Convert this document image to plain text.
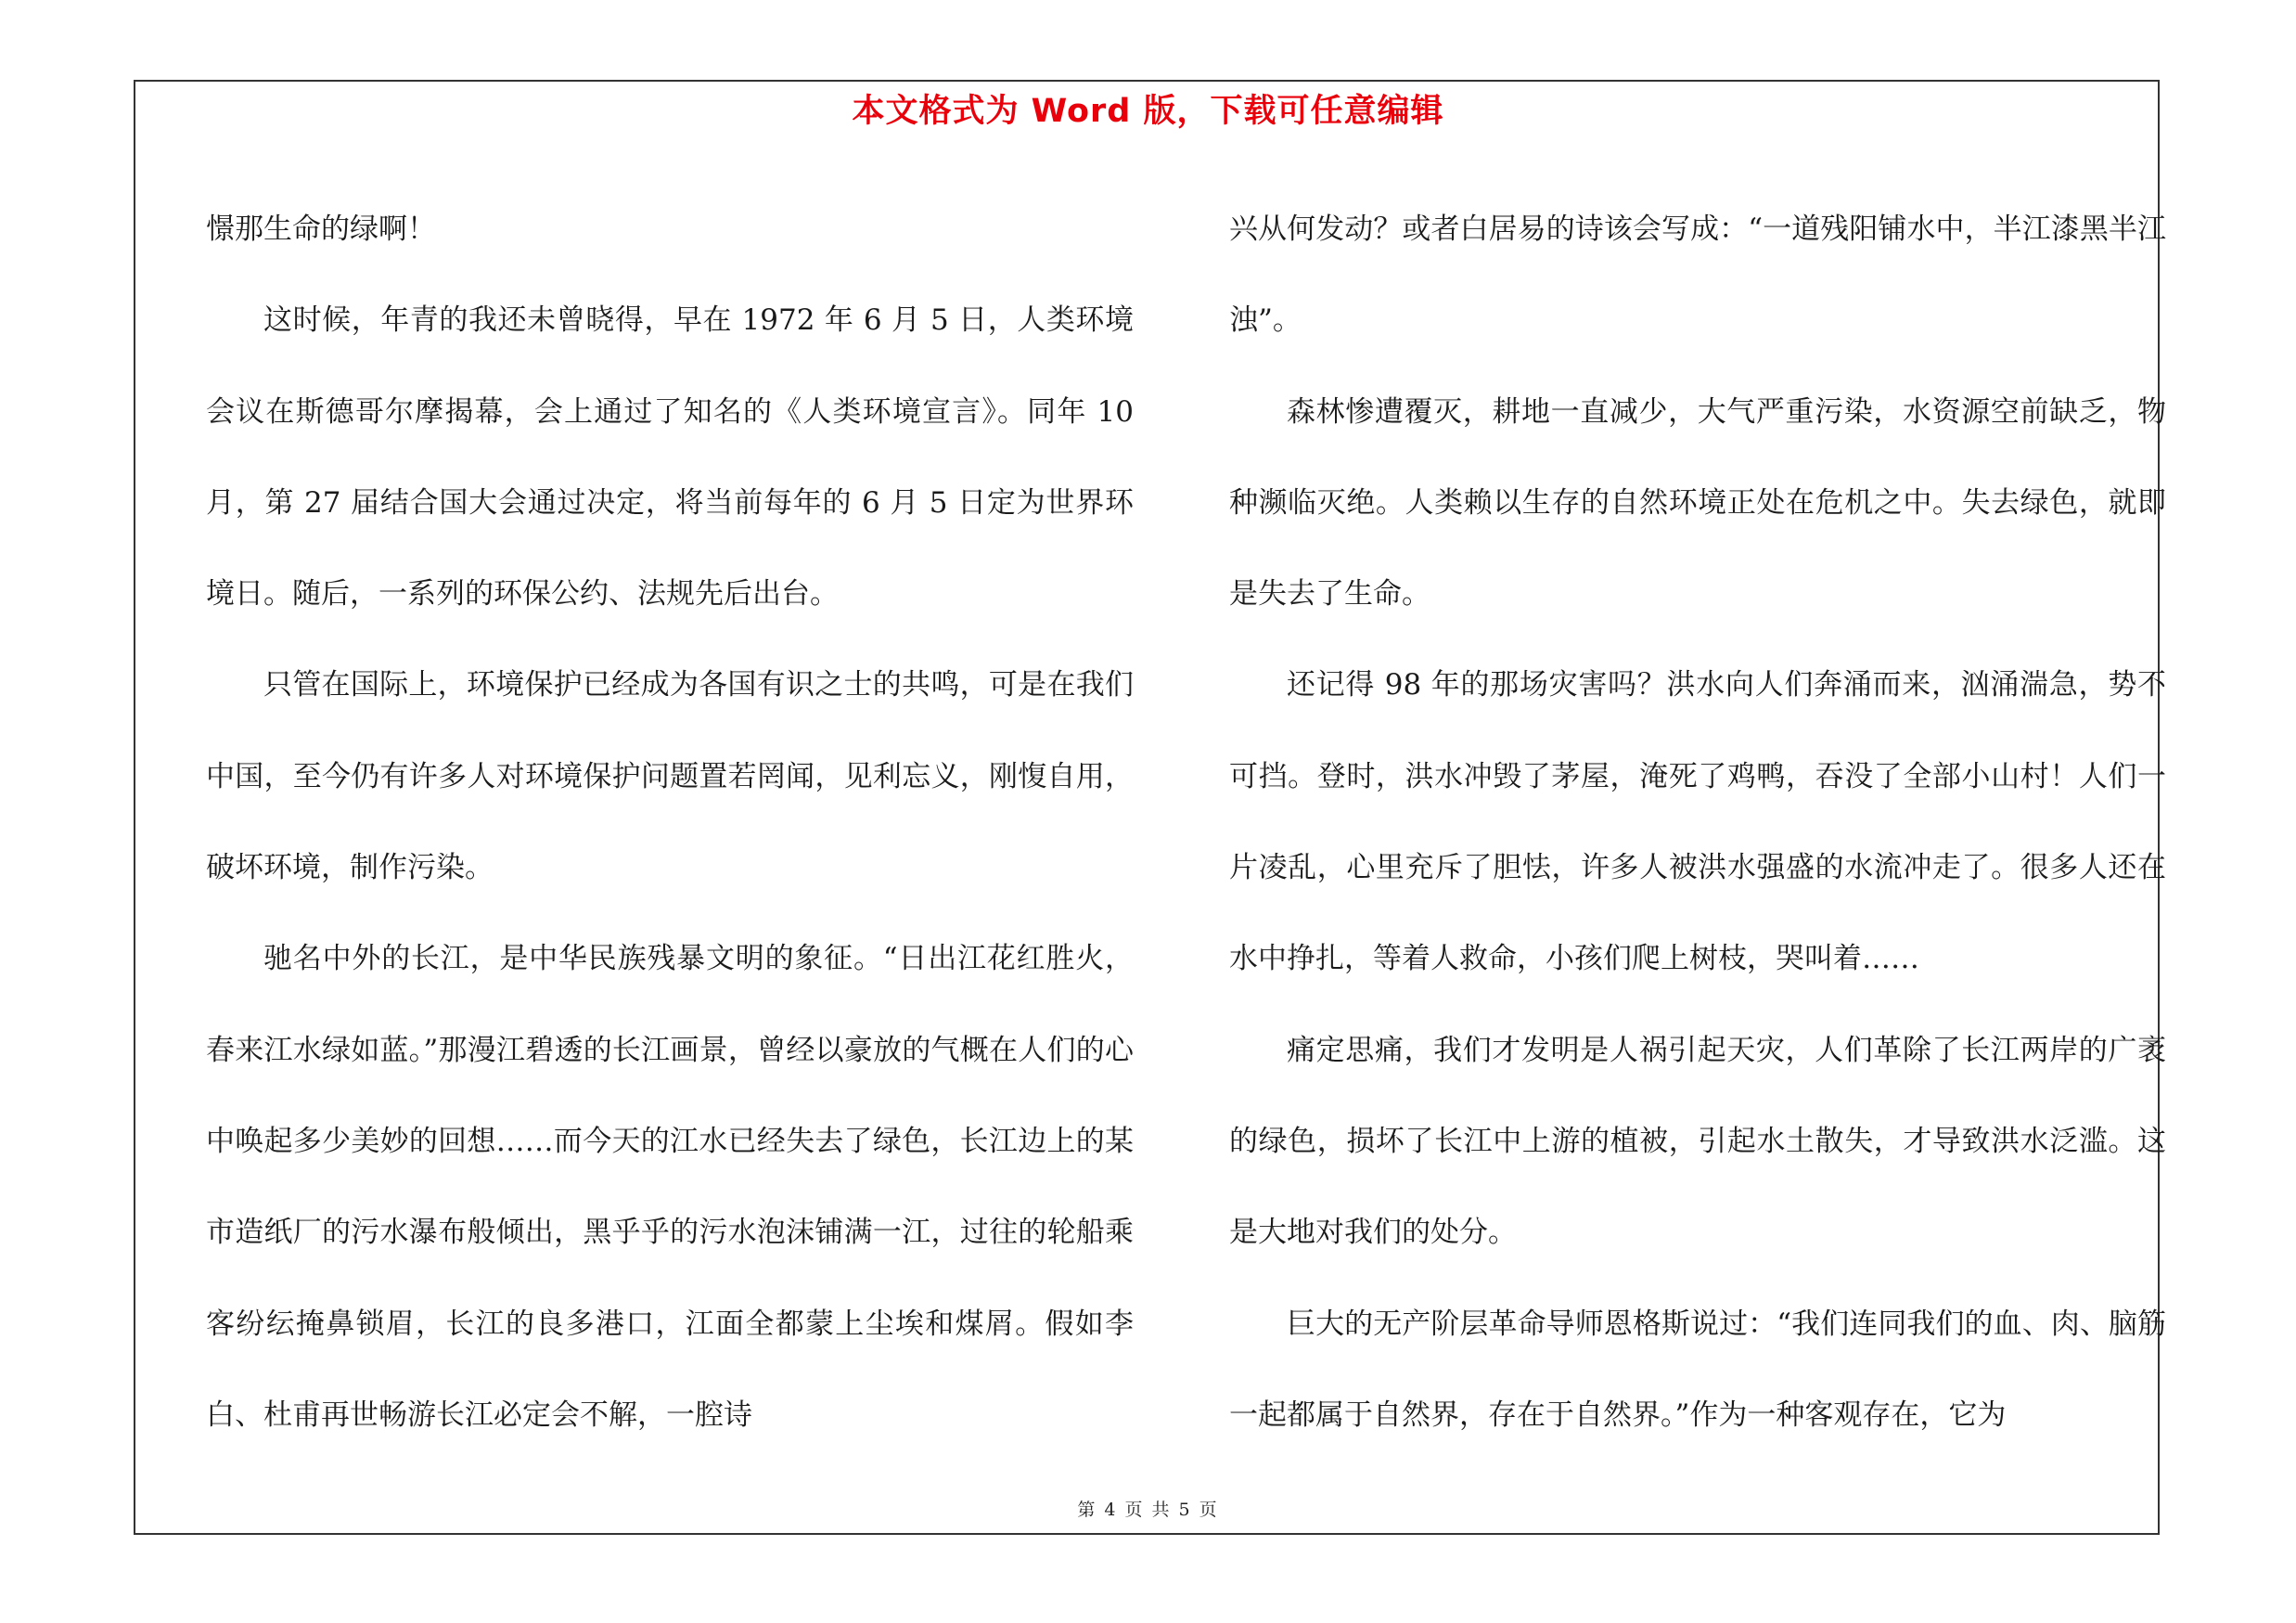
本文格式为 Word 版，下载可任意编辑

憬那生命的绿啊！

这时候，年青的我还未曾晓得，早在 1972 年 6 月 5 日，人类环境会议在斯德哥尔摩揭幕，会上通过了知名的《人类环境宣言》。同年 10 月，第 27 届结合国大会通过决定，将当前每年的 6 月 5 日定为世界环境日。随后，一系列的环保公约、法规先后出台。

只管在国际上，环境保护已经成为各国有识之士的共鸣，可是在我们中国，至今仍有许多人对环境保护问题置若罔闻，见利忘义，刚愎自用，破坏环境，制作污染。

驰名中外的长江，是中华民族残暴文明的象征。“日出江花红胜火，春来江水绿如蓝。”那漫江碧透的长江画景，曾经以豪放的气概在人们的心中唤起多少美妙的回想……而今天的江水已经失去了绿色，长江边上的某市造纸厂的污水瀑布般倾出，黑乎乎的污水泡沫铺满一江，过往的轮船乘客纷纭掩鼻锁眉，长江的良多港口，江面全都蒙上尘埃和煤屑。假如李白、杜甫再世畅游长江必定会不解，一腔诗

兴从何发动？或者白居易的诗该会写成：“一道残阳铺水中，半江漆黑半江浊”。

森林惨遭覆灭，耕地一直减少，大气严重污染，水资源空前缺乏，物种濒临灭绝。人类赖以生存的自然环境正处在危机之中。失去绿色，就即是失去了生命。

还记得 98 年的那场灾害吗？洪水向人们奔涌而来，汹涌湍急，势不可挡。登时，洪水冲毁了茅屋，淹死了鸡鸭，吞没了全部小山村！人们一片凌乱，心里充斥了胆怯，许多人被洪水强盛的水流冲走了。很多人还在水中挣扎，等着人救命，小孩们爬上树枝，哭叫着……

痛定思痛，我们才发明是人祸引起天灾，人们革除了长江两岸的广袤的绿色，损坏了长江中上游的植被，引起水土散失，才导致洪水泛滥。这是大地对我们的处分。

巨大的无产阶层革命导师恩格斯说过：“我们连同我们的血、肉、脑筋一起都属于自然界，存在于自然界。”作为一种客观存在，它为

第 4 页 共 5 页
